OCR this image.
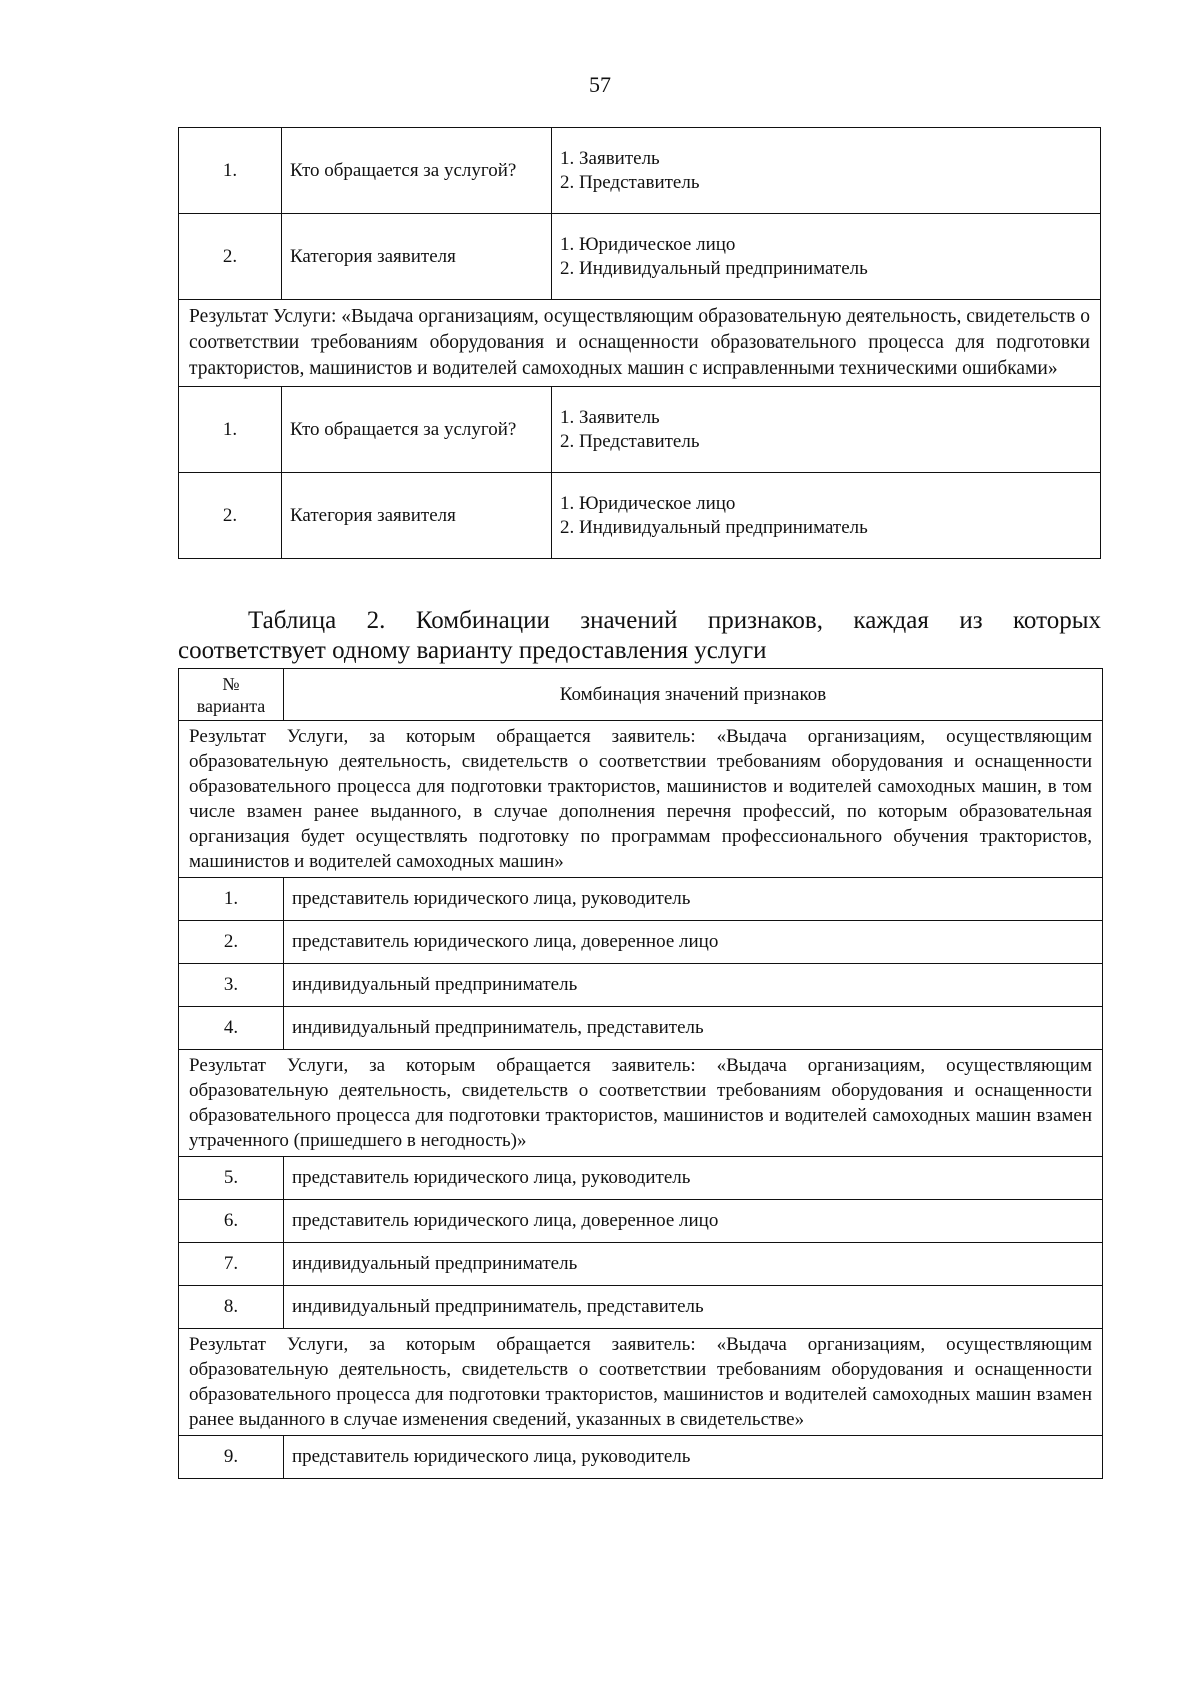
57
1.	Кто обращается за услугой?	1. Заявитель
2. Представитель

2.	Категория заявителя	1. Юридическое лицо
2. Индивидуальный предприниматель

Результат Услуги: «Выдача организациям, осуществляющим образовательную деятельность, свидетельств о соответствии требованиям оборудования и оснащенности образовательного процесса для подготовки трактористов, машинистов и водителей самоходных машин с исправленными техническими ошибками»		
1.	Кто обращается за услугой?	1. Заявитель
2. Представитель

2.	Категория заявителя	1. Юридическое лицо
2. Индивидуальный предприниматель
Таблица 2. Комбинации значений признаков, каждая из которых
соответствует одному варианту предоставления услуги
№ варианта	Комбинация значений признаков
Результат Услуги, за которым обращается заявитель: «Выдача организациям, осуществляющим образовательную деятельность, свидетельств о соответствии требованиям оборудования и оснащенности образовательного процесса для подготовки трактористов, машинистов и водителей самоходных машин, в том числе взамен ранее выданного, в случае дополнения перечня профессий, по которым образовательная организация будет осуществлять подготовку по программам профессионального обучения трактористов, машинистов и водителей самоходных машин»	
1.	представитель юридического лица, руководитель
2.	представитель юридического лица, доверенное лицо
3.	индивидуальный предприниматель
4.	индивидуальный предприниматель, представитель
Результат Услуги, за которым обращается заявитель: «Выдача организациям, осуществляющим образовательную деятельность, свидетельств о соответствии требованиям оборудования и оснащенности образовательного процесса для подготовки трактористов, машинистов и водителей самоходных машин взамен утраченного (пришедшего в негодность)»	
5.	представитель юридического лица, руководитель
6.	представитель юридического лица, доверенное лицо
7.	индивидуальный предприниматель
8.	индивидуальный предприниматель, представитель
Результат Услуги, за которым обращается заявитель: «Выдача организациям, осуществляющим образовательную деятельность, свидетельств о соответствии требованиям оборудования и оснащенности образовательного процесса для подготовки трактористов, машинистов и водителей самоходных машин взамен ранее выданного в случае изменения сведений, указанных в свидетельстве»	
9.	представитель юридического лица, руководитель
